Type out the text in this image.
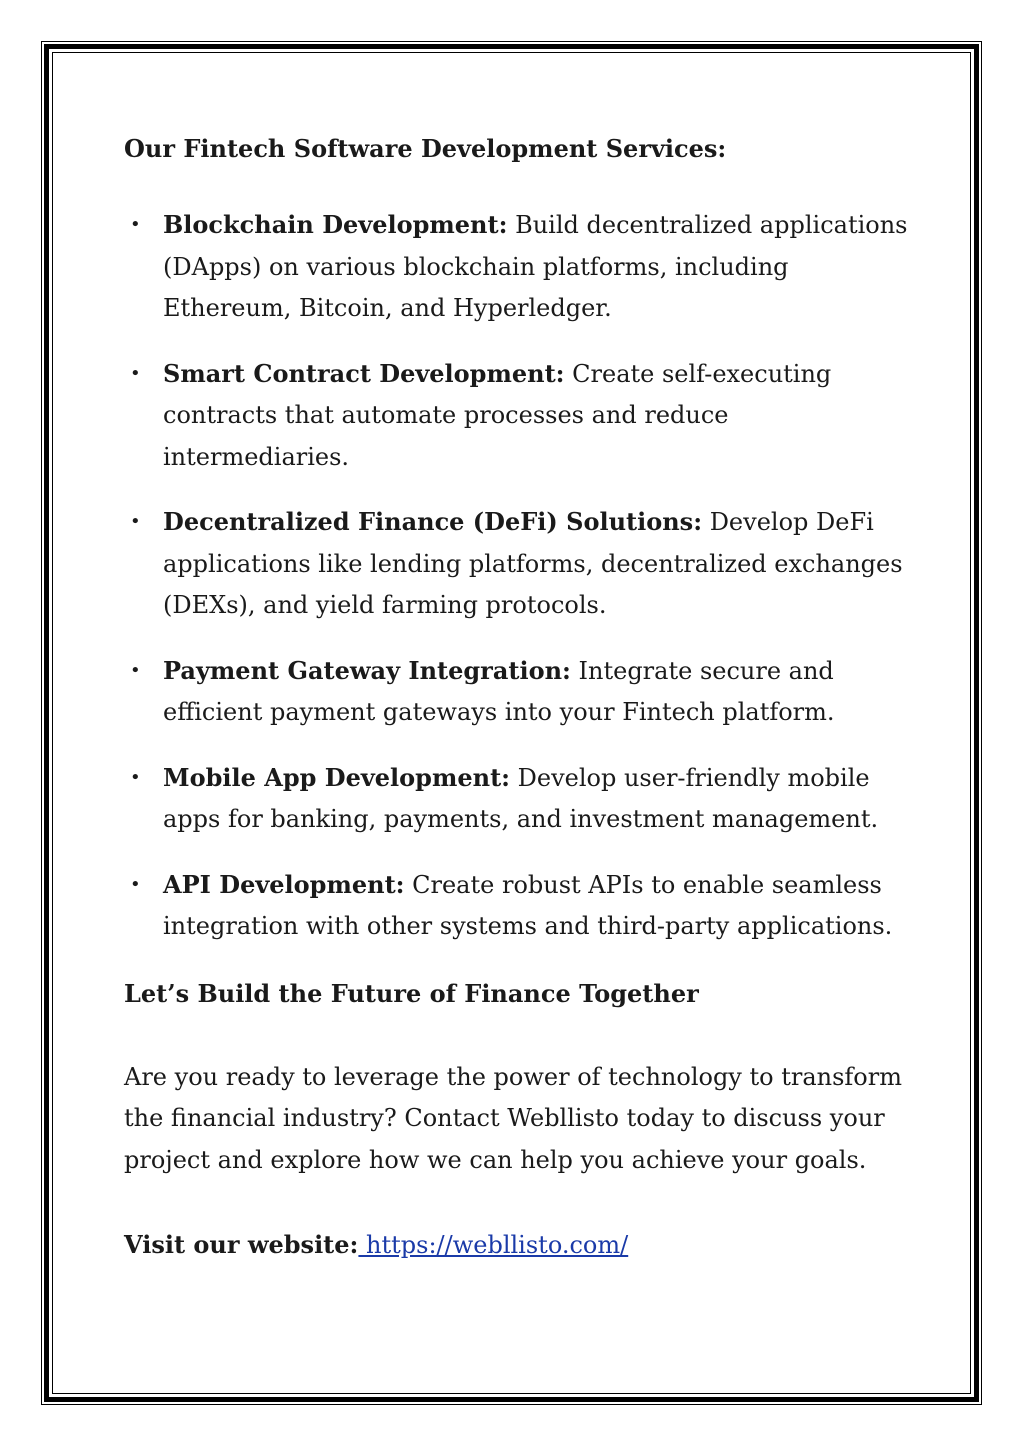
Our Fintech Software Development Services:
• Blockchain Development: Build decentralized applications (DApps) on various blockchain platforms, including Ethereum, Bitcoin, and Hyperledger.
• Smart Contract Development: Create self-executing contracts that automate processes and reduce intermediaries.
• Decentralized Finance (DeFi) Solutions: Develop DeFi applications like lending platforms, decentralized exchanges (DEXs), and yield farming protocols.
• Payment Gateway Integration: Integrate secure and efficient payment gateways into your Fintech platform.
• Mobile App Development: Develop user-friendly mobile apps for banking, payments, and investment management.
• API Development: Create robust APIs to enable seamless integration with other systems and third-party applications.
Let’s Build the Future of Finance Together

Are you ready to leverage the power of technology to transform the financial industry? Contact Webllisto today to discuss your project and explore how we can help you achieve your goals.

Visit our website: https://webllisto.com/
